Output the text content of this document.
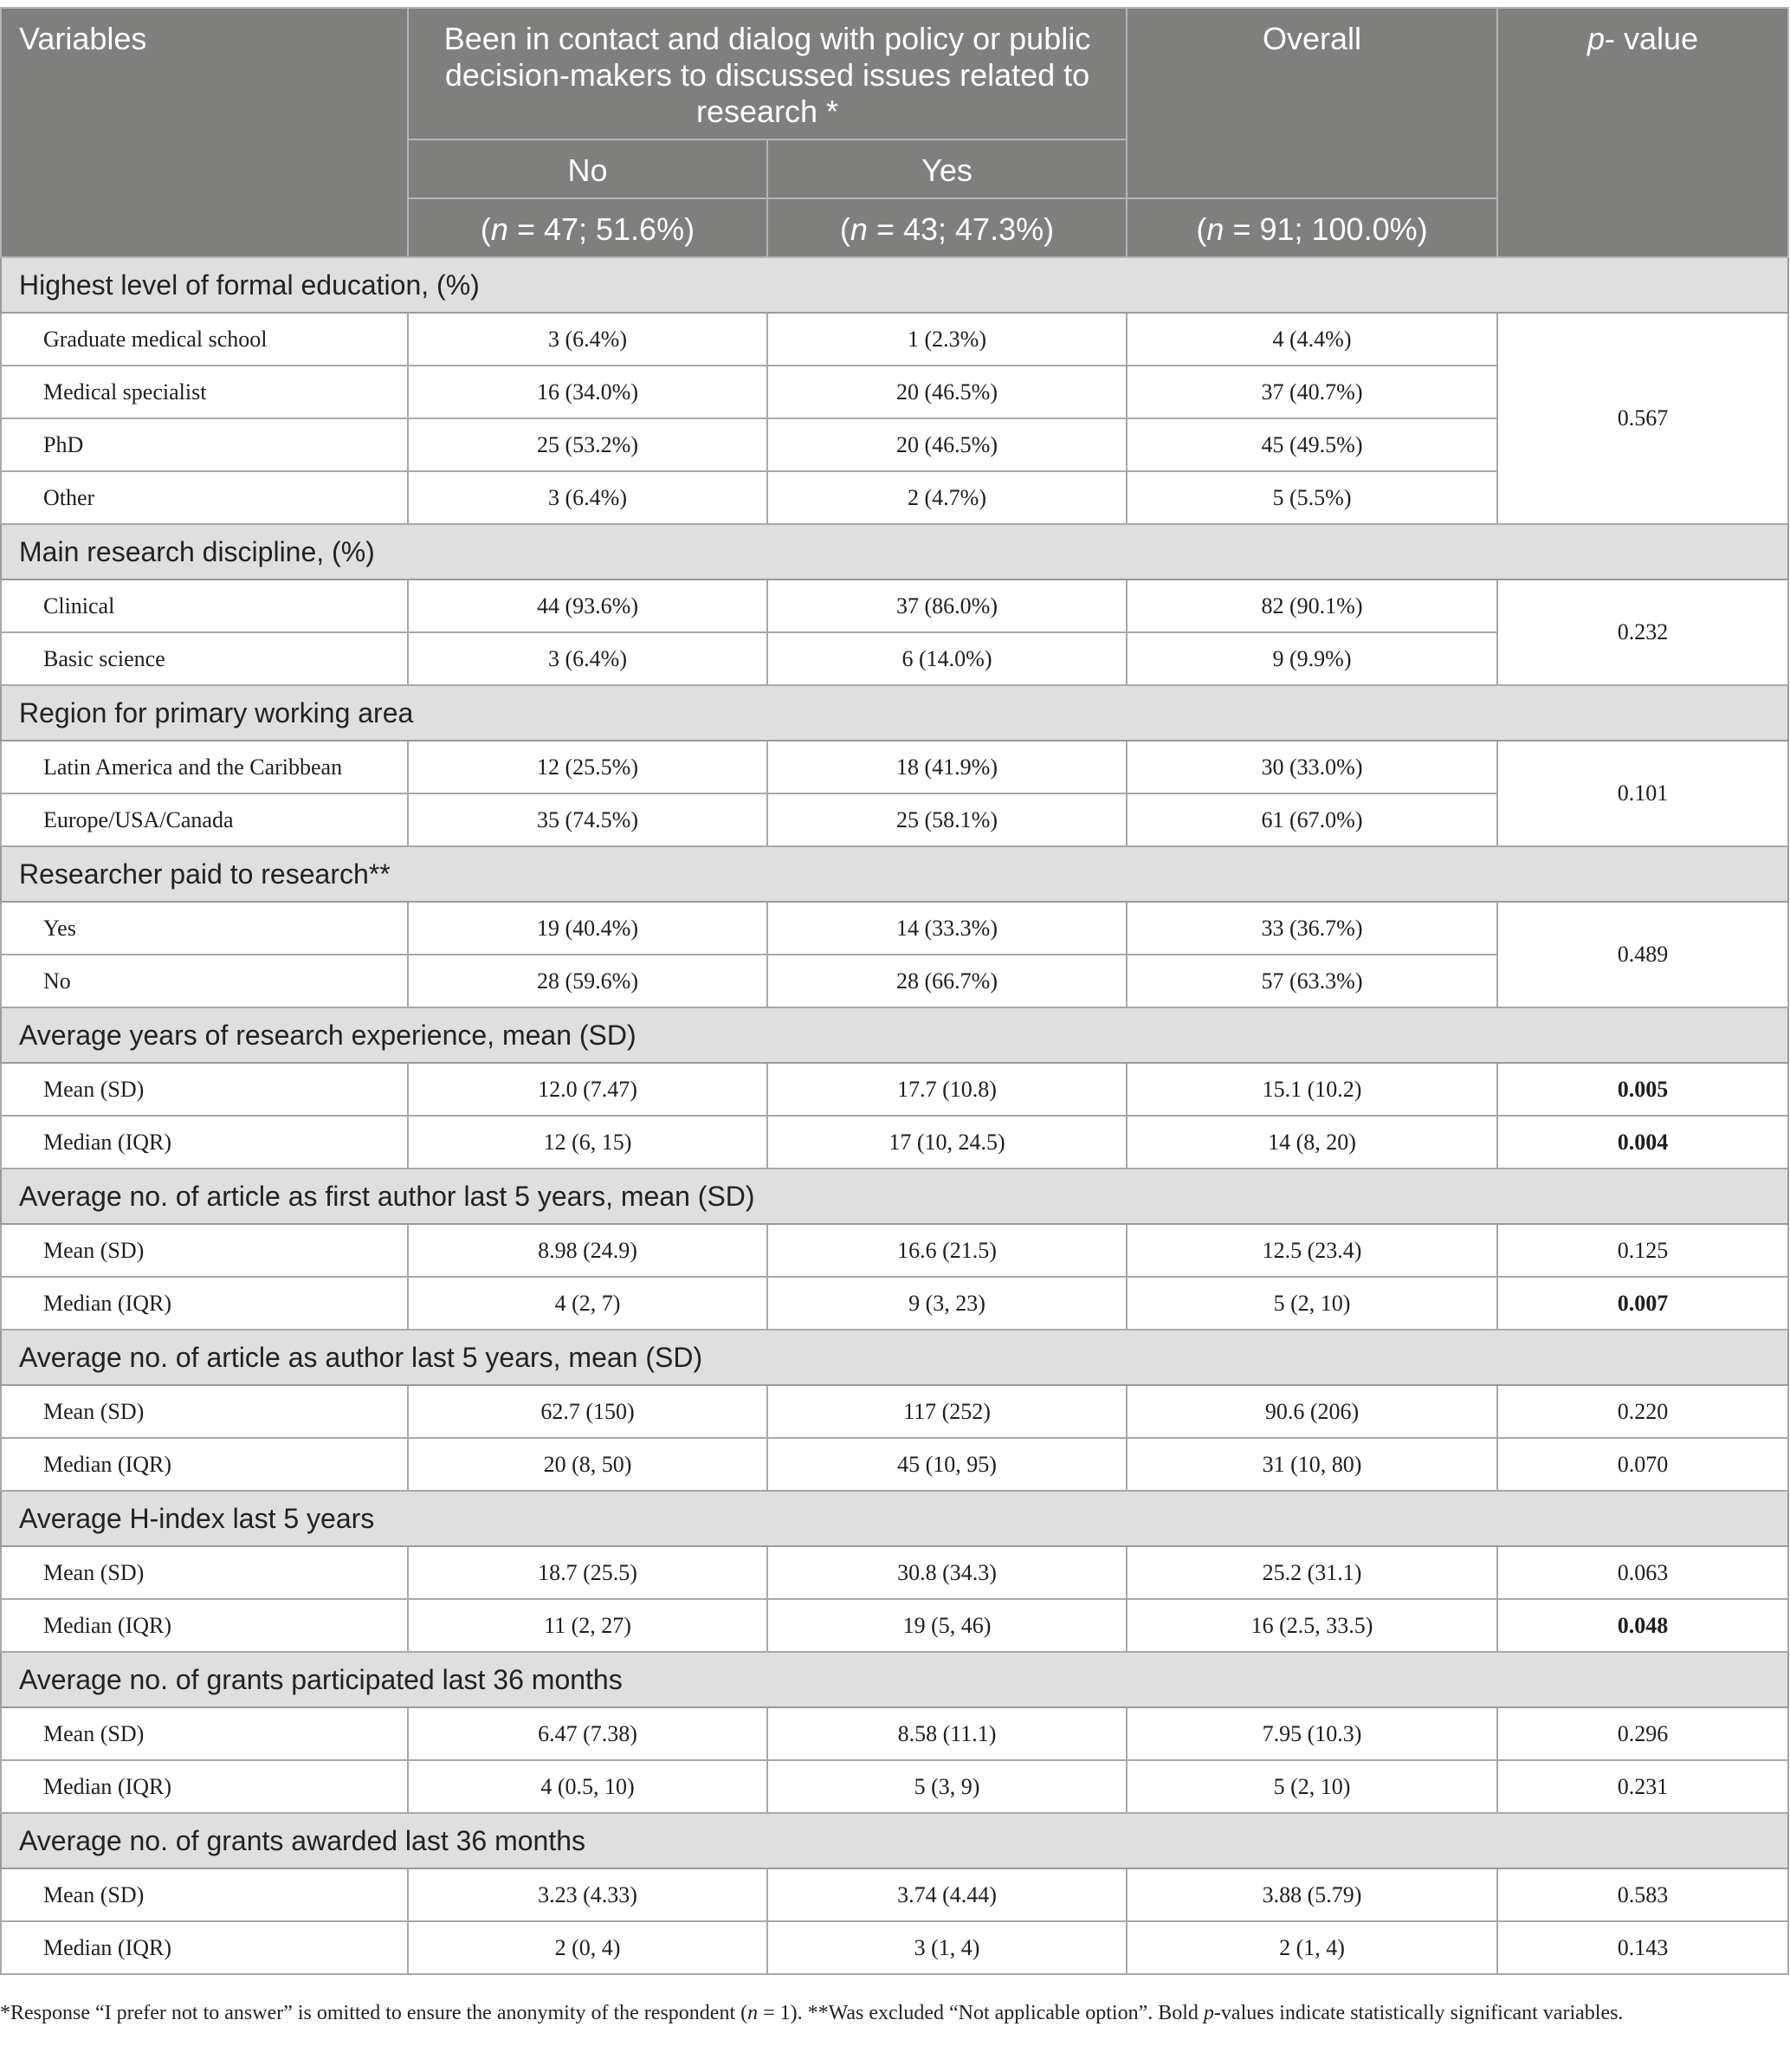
Variables	Been in contact and dialog with policy or public decision-makers to discussed issues related to research *		Overall	p- value
	No	Yes		
	(n = 47; 51.6%)	(n = 43; 47.3%)	(n = 91; 100.0%)	
Highest level of formal education, (%)				
Graduate medical school	3 (6.4%)	1 (2.3%)	4 (4.4%)	0.567
Medical specialist	16 (34.0%)	20 (46.5%)	37 (40.7%)	
PhD	25 (53.2%)	20 (46.5%)	45 (49.5%)	
Other	3 (6.4%)	2 (4.7%)	5 (5.5%)	
Main research discipline, (%)				
Clinical	44 (93.6%)	37 (86.0%)	82 (90.1%)	0.232
Basic science	3 (6.4%)	6 (14.0%)	9 (9.9%)	
Region for primary working area				
Latin America and the Caribbean	12 (25.5%)	18 (41.9%)	30 (33.0%)	0.101
Europe/USA/Canada	35 (74.5%)	25 (58.1%)	61 (67.0%)	
Researcher paid to research**				
Yes	19 (40.4%)	14 (33.3%)	33 (36.7%)	0.489
No	28 (59.6%)	28 (66.7%)	57 (63.3%)	
Average years of research experience, mean (SD)				
Mean (SD)	12.0 (7.47)	17.7 (10.8)	15.1 (10.2)	0.005
Median (IQR)	12 (6, 15)	17 (10, 24.5)	14 (8, 20)	0.004
Average no. of article as first author last 5 years, mean (SD)				
Mean (SD)	8.98 (24.9)	16.6 (21.5)	12.5 (23.4)	0.125
Median (IQR)	4 (2, 7)	9 (3, 23)	5 (2, 10)	0.007
Average no. of article as author last 5 years, mean (SD)				
Mean (SD)	62.7 (150)	117 (252)	90.6 (206)	0.220
Median (IQR)	20 (8, 50)	45 (10, 95)	31 (10, 80)	0.070
Average H-index last 5 years				
Mean (SD)	18.7 (25.5)	30.8 (34.3)	25.2 (31.1)	0.063
Median (IQR)	11 (2, 27)	19 (5, 46)	16 (2.5, 33.5)	0.048
Average no. of grants participated last 36 months				
Mean (SD)	6.47 (7.38)	8.58 (11.1)	7.95 (10.3)	0.296
Median (IQR)	4 (0.5, 10)	5 (3, 9)	5 (2, 10)	0.231
Average no. of grants awarded last 36 months				
Mean (SD)	3.23 (4.33)	3.74 (4.44)	3.88 (5.79)	0.583
Median (IQR)	2 (0, 4)	3 (1, 4)	2 (1, 4)	0.143
*Response “I prefer not to answer” is omitted to ensure the anonymity of the respondent (n = 1). **Was excluded “Not applicable option”. Bold p-values indicate statistically significant variables.
